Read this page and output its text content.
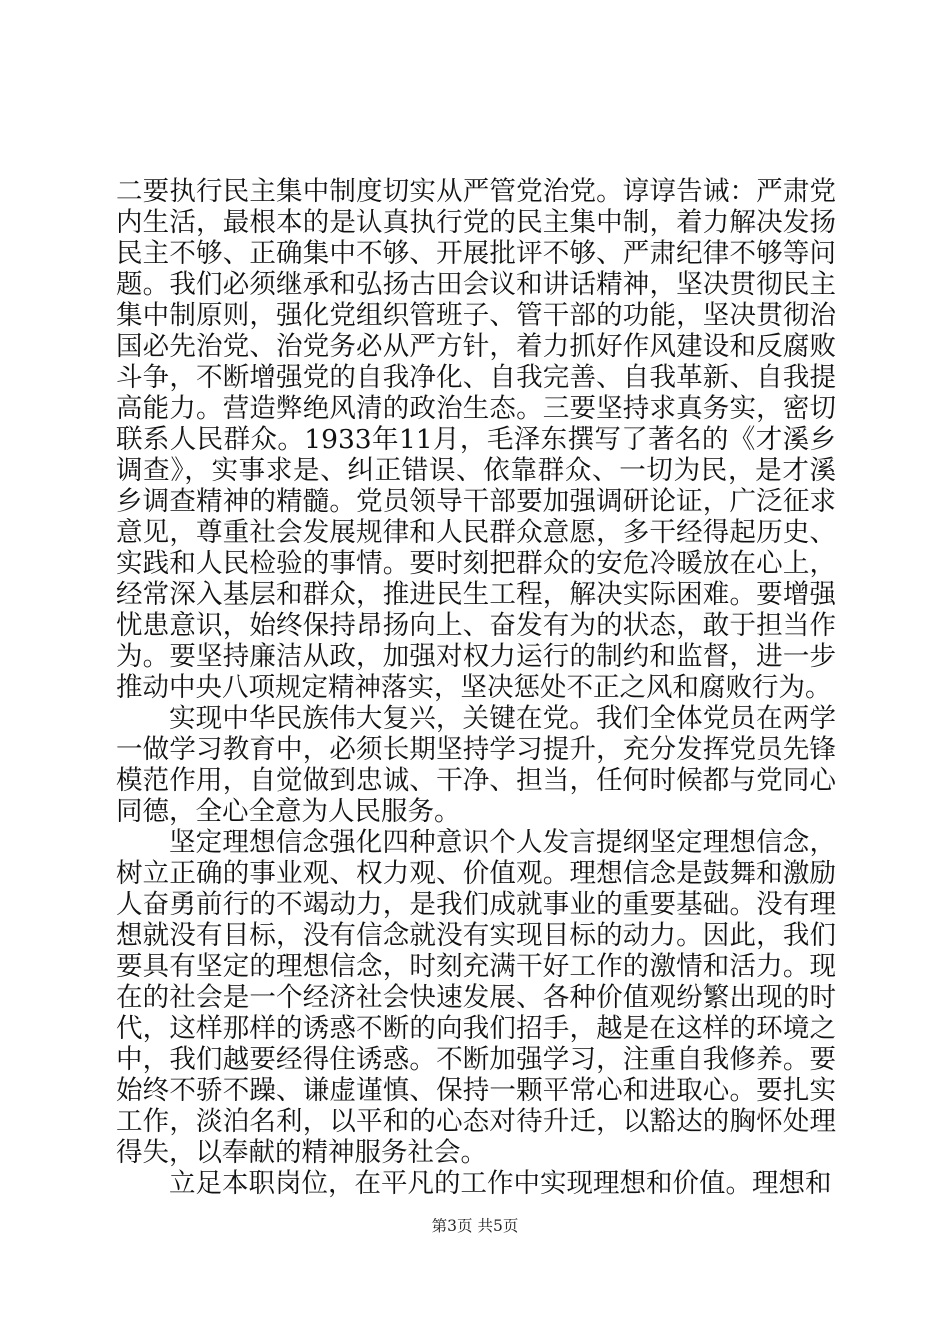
二要执行民主集中制度切实从严管党治党。谆谆告诫：严肃党内生活，最根本的是认真执行党的民主集中制，着力解决发扬民主不够、正确集中不够、开展批评不够、严肃纪律不够等问题。我们必须继承和弘扬古田会议和讲话精神，坚决贯彻民主集中制原则，强化党组织管班子、管干部的功能，坚决贯彻治国必先治党、治党务必从严方针，着力抓好作风建设和反腐败斗争，不断增强党的自我净化、自我完善、自我革新、自我提高能力。营造弊绝风清的政治生态。三要坚持求真务实，密切联系人民群众。1933年11月，毛泽东撰写了著名的《才溪乡调查》，实事求是、纠正错误、依靠群众、一切为民，是才溪乡调查精神的精髓。党员领导干部要加强调研论证，广泛征求意见，尊重社会发展规律和人民群众意愿，多干经得起历史、实践和人民检验的事情。要时刻把群众的安危冷暖放在心上，经常深入基层和群众，推进民生工程，解决实际困难。要增强忧患意识，始终保持昂扬向上、奋发有为的状态，敢于担当作为。要坚持廉洁从政，加强对权力运行的制约和监督，进一步推动中央八项规定精神落实，坚决惩处不正之风和腐败行为。

实现中华民族伟大复兴，关键在党。我们全体党员在两学一做学习教育中，必须长期坚持学习提升，充分发挥党员先锋模范作用，自觉做到忠诚、干净、担当，任何时候都与党同心同德，全心全意为人民服务。

坚定理想信念强化四种意识个人发言提纲坚定理想信念，树立正确的事业观、权力观、价值观。理想信念是鼓舞和激励人奋勇前行的不竭动力，是我们成就事业的重要基础。没有理想就没有目标，没有信念就没有实现目标的动力。因此，我们要具有坚定的理想信念，时刻充满干好工作的激情和活力。现在的社会是一个经济社会快速发展、各种价值观纷繁出现的时代，这样那样的诱惑不断的向我们招手，越是在这样的环境之中，我们越要经得住诱惑。不断加强学习，注重自我修养。要始终不骄不躁、谦虚谨慎、保持一颗平常心和进取心。要扎实工作，淡泊名利，以平和的心态对待升迁，以豁达的胸怀处理得失，以奉献的精神服务社会。

立足本职岗位，在平凡的工作中实现理想和价值。理想和

第3页 共5页
